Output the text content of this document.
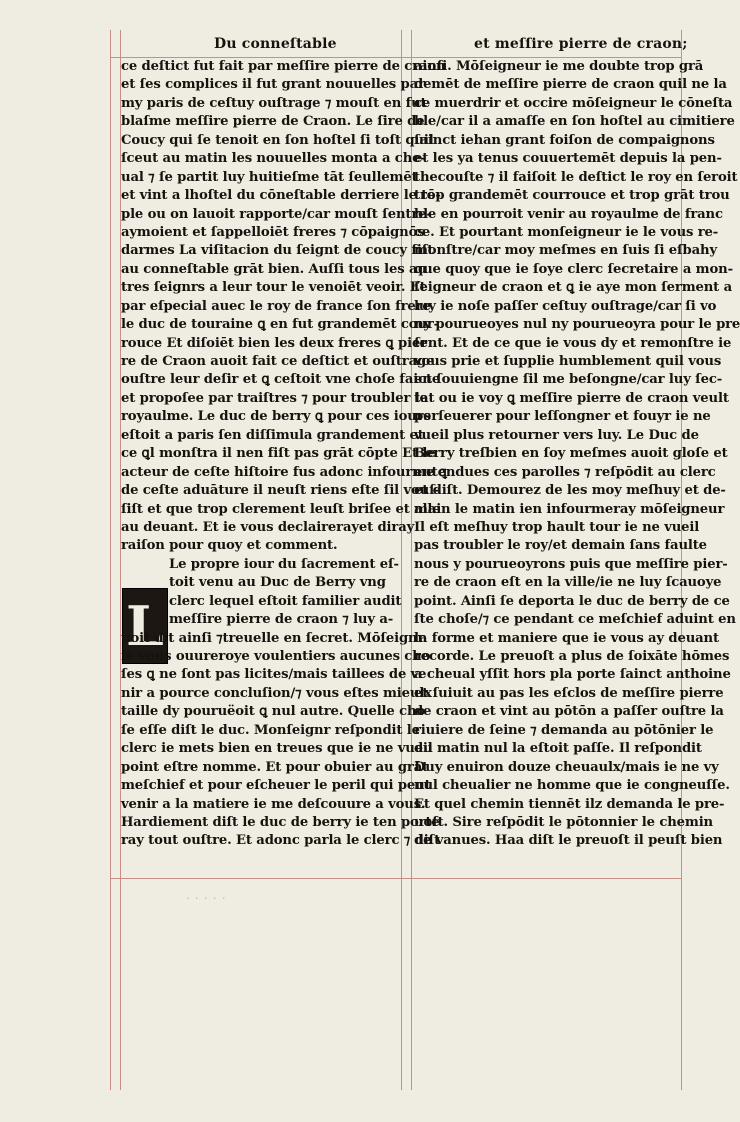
Du conneſtable	et meſſire pierre de craon;
L
ce deſtict fut fait par meſſire pierre de craon
et ſes complices il fut grant nouuelles par
my paris de ceſtuy ouſtrage ⁊ mouſt en fut
blaſme meſſire pierre de Craon. Le ſire de
Coucy qui ſe tenoit en ſon hoſtel ſi toſt quil
ſceut au matin les nouuelles monta a che‑
ual ⁊ ſe partit luy huitieſme tāt ſeullemēt
et vint a lhoſtel du cōneſtable derriere le tē‑
ple ou on lauoit rapporte/car mouſt ſentre‑
aymoient et ſappelloiēt freres ⁊ cōpaignōs
darmes La viſitacion du ſeignt de coucy fiſt
au conneſtable grāt bien. Auſſi tous les au
tres ſeignrs a leur tour le venoiēt veoir. Et
par eſpecial auec le roy de france ſon frere
le duc de touraine ꝗ en fut grandemēt cour‑
rouce Et diſoiēt bien les deux freres ꝗ pier
re de Craon auoit fait ce deſtict et ouſtrage
ouſtre leur deſir et ꝗ ceſtoit vne choſe faicte
et propoſee par traiſtres ⁊ pour troubler le
royaulme. Le duc de berry ꝗ pour ces iours
eſtoit a paris ſen diſſimula grandement et
ce ꝗl monſtra il nen fiſt pas grāt cōpte Et le
acteur de ceſte hiſtoire fus adonc infourme ꝗ
de ceſte aduāture il neuſt riens eſte ſil vouſ‑
ſiſt et que trop clerement leuſt briſee et alle
au deuant. Et ie vous declairerayet diray
raiſon pour quoy et comment.
Le propre iour du ſacrement eſ‑
toit venu au Duc de Berry vng
clerc lequel eſtoit familier audit
meſſire pierre de craon ⁊ luy a‑
uoit dit ainſi ⁊treuelle en ſecret. Mōſeignr
ie vous ouureroye voulentiers aucunes cho
ſes ꝗ ne ſont pas licites/mais taillees de ve
nir a pource concluſion/⁊ vous eſtes mieulx
taille dy pouruëoit ꝗ nul autre. Quelle cho
ſe eſſe diſt le duc. Monſeignr reſpondit le
clerc ie mets bien en treues que ie ne vueil
point eſtre nomme. Et pour obuier au grāt
meſchief et pour eſcheuer le peril qui peut
venir a la matiere ie me deſcouure a vous.
Hardiement diſt le duc de berry ie ten porte
ray tout ouſtre. Et adonc parla le clerc ⁊ diſt
ainſi. Mōſeigneur ie me doubte trop grā
demēt de meſſire pierre de craon quil ne la
ce muerdrir et occire mōſeigneur le cōneſta
ble/car il a amaſſe en ſon hoſtel au cimitiere
ſainct iehan grant foiſon de compaignons
et les ya tenus couuertemēt depuis la pen‑
thecouſte ⁊ il faiſoit le deſtict le roy en ſeroit
trop grandemēt courrouce et trop grāt trou
ble en pourroit venir au royaulme de franc
ce. Et pourtant monſeigneur ie le vous re‑
monſtre/car moy meſmes en ſuis ſi eſbahy
que quoy que ie ſoye clerc ſecretaire a mon‑
ſeigneur de craon et ꝗ ie aye mon ſerment a
luy ie noſe paſſer ceſtuy ouſtrage/car ſi vo
ny pourueoyes nul ny pourueoyra pour le pre
ſent. Et de ce que ie vous dy et remonſtre ie
vous prie et ſupplie humblement quil vous
en ſouuiengne ſil me beſongne/car luy ſec‑
tat ou ie voy ꝗ meſſire pierre de craon veult
perſeuerer pour leſſongner et fouyr ie ne
vueil plus retourner vers luy. Le Duc de
Berry treſbien en ſoy meſmes auoit gloſe et
entendues ces parolles ⁊ reſpōdit au clerc
et diſt. Demourez de les moy meſhuy et de‑
main le matin ien infourmeray mōſeigneur
Il eſt meſhuy trop hault tour ie ne vueil
pas troubler le roy/et demain ſans faulte
nous y pourueoyrons puis que meſſire pier‑
re de craon eſt en la ville/ie ne luy ſcauoye
point. Ainſi ſe deporta le duc de berry de ce
ſte choſe/⁊ ce pendant ce meſchief aduint en
la forme et maniere que ie vous ay deuant
recorde. Le preuoſt a plus de ſoixāte hōmes
a cheual yſſit hors pla porte ſainct anthoine
et ſuiuit au pas les eſclos de meſſire pierre
de craon et vint au pōtōn a paſſer ouſtre la
riuiere de ſeine ⁊ demanda au pōtōnier le
du matin nul la eſtoit paſſe. Il reſpondit
Duy enuiron douze cheuaulx/mais ie ne vy
nul cheualier ne homme que ie congneuſſe.
Et quel chemin tiennēt ilz demanda le pre‑
uoſt. Sire reſpōdit le pōtonnier le chemin
de vanues. Haa diſt le preuoſt il peuſt bien
· · · · ·
